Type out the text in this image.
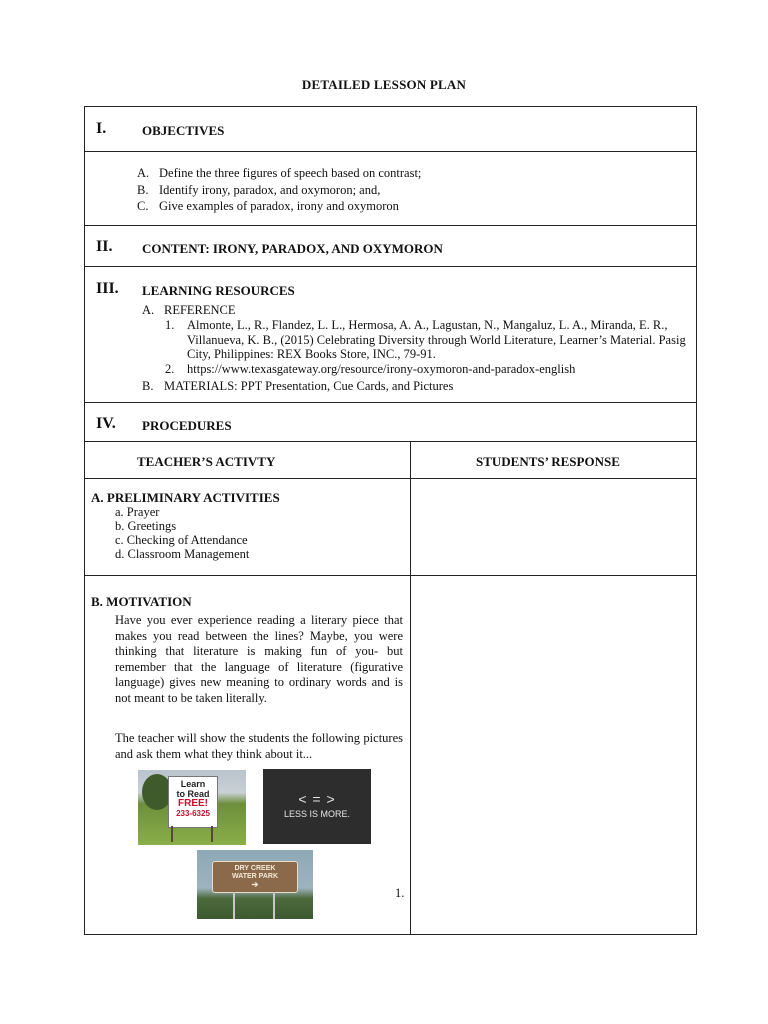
DETAILED LESSON PLAN
I.	OBJECTIVES
A. Define the three figures of speech based on contrast;
B. Identify irony, paradox, and oxymoron; and,
C. Give examples of paradox, irony and oxymoron
II. CONTENT: IRONY, PARADOX, AND OXYMORON
III. LEARNING RESOURCES
A. REFERENCE
1.	Almonte, L., R., Flandez, L. L., Hermosa, A. A., Lagustan, N., Mangaluz, L. A., Miranda, E. R., Villanueva, K. B., (2015) Celebrating Diversity through World Literature, Learner’s Material. Pasig City, Philippines: REX Books Store, INC., 79-91.
2.	https://www.texasgateway.org/resource/irony-oxymoron-and-paradox-english
B. MATERIALS: PPT Presentation, Cue Cards, and Pictures
IV. PROCEDURES
TEACHER’S ACTIVTY	STUDENTS’ RESPONSE
A. PRELIMINARY ACTIVITIES
a. Prayer
b. Greetings
c. Checking of Attendance
d. Classroom Management
B. MOTIVATION
Have you ever experience reading a literary piece that makes you read between the lines? Maybe, you were thinking that literature is making fun of you- but remember that the language of literature (figurative language) gives new meaning to ordinary words and is not meant to be taken literally.
The teacher will show the students the following pictures and ask them what they think about it...
Learn
to Read
FREE!
233-6325
< = >
LESS IS MORE.
DRY CREEK
WATER PARK
➔
1.
